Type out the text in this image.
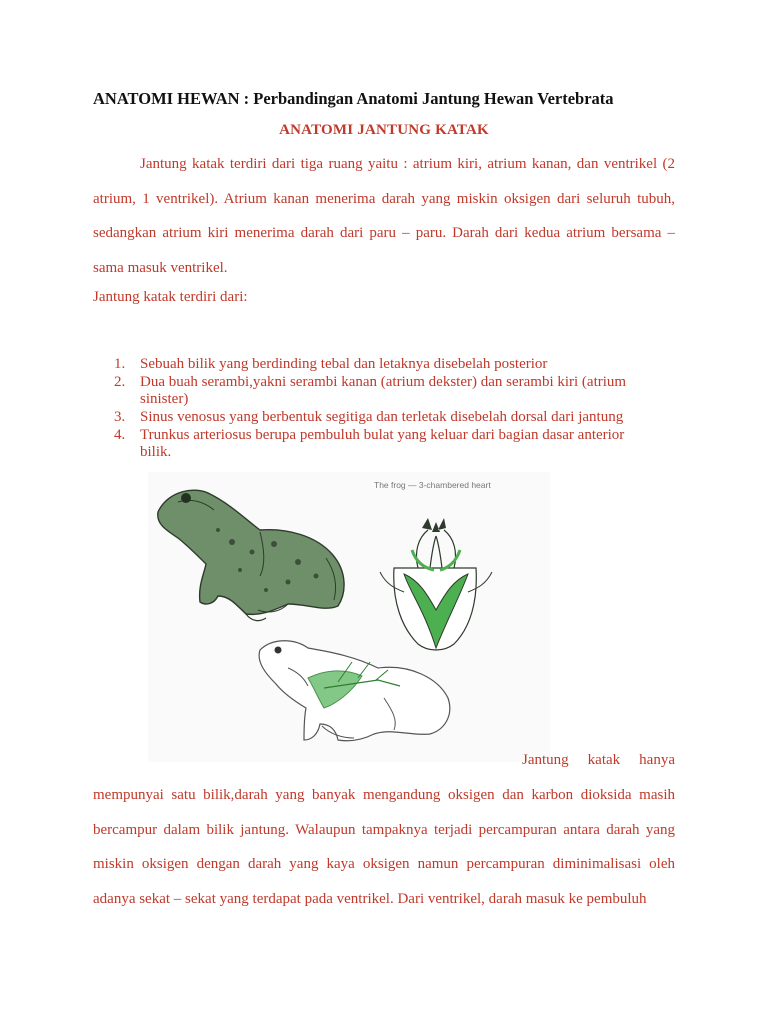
ANATOMI HEWAN : Perbandingan Anatomi Jantung Hewan Vertebrata
ANATOMI JANTUNG KATAK
Jantung katak terdiri dari tiga ruang yaitu : atrium kiri, atrium kanan, dan ventrikel (2 atrium, 1 ventrikel). Atrium kanan menerima darah yang miskin oksigen dari seluruh tubuh, sedangkan atrium kiri menerima darah dari paru – paru. Darah dari kedua atrium bersama – sama masuk ventrikel.
Jantung katak terdiri dari:
1. Sebuah bilik yang berdinding tebal dan letaknya disebelah posterior
2. Dua buah serambi,yakni serambi kanan (atrium dekster) dan serambi kiri (atrium sinister)
3. Sinus venosus yang berbentuk segitiga dan terletak disebelah dorsal dari jantung
4. Trunkus arteriosus berupa pembuluh bulat yang keluar dari bagian dasar anterior bilik.
The frog — 3-chambered heart
Jantung katak hanya
mempunyai satu bilik,darah yang banyak mengandung oksigen dan karbon dioksida masih bercampur dalam bilik jantung. Walaupun tampaknya terjadi percampuran antara darah yang miskin oksigen dengan darah yang kaya oksigen namun percampuran diminimalisasi oleh adanya sekat – sekat yang terdapat pada ventrikel. Dari ventrikel, darah masuk ke pembuluh
